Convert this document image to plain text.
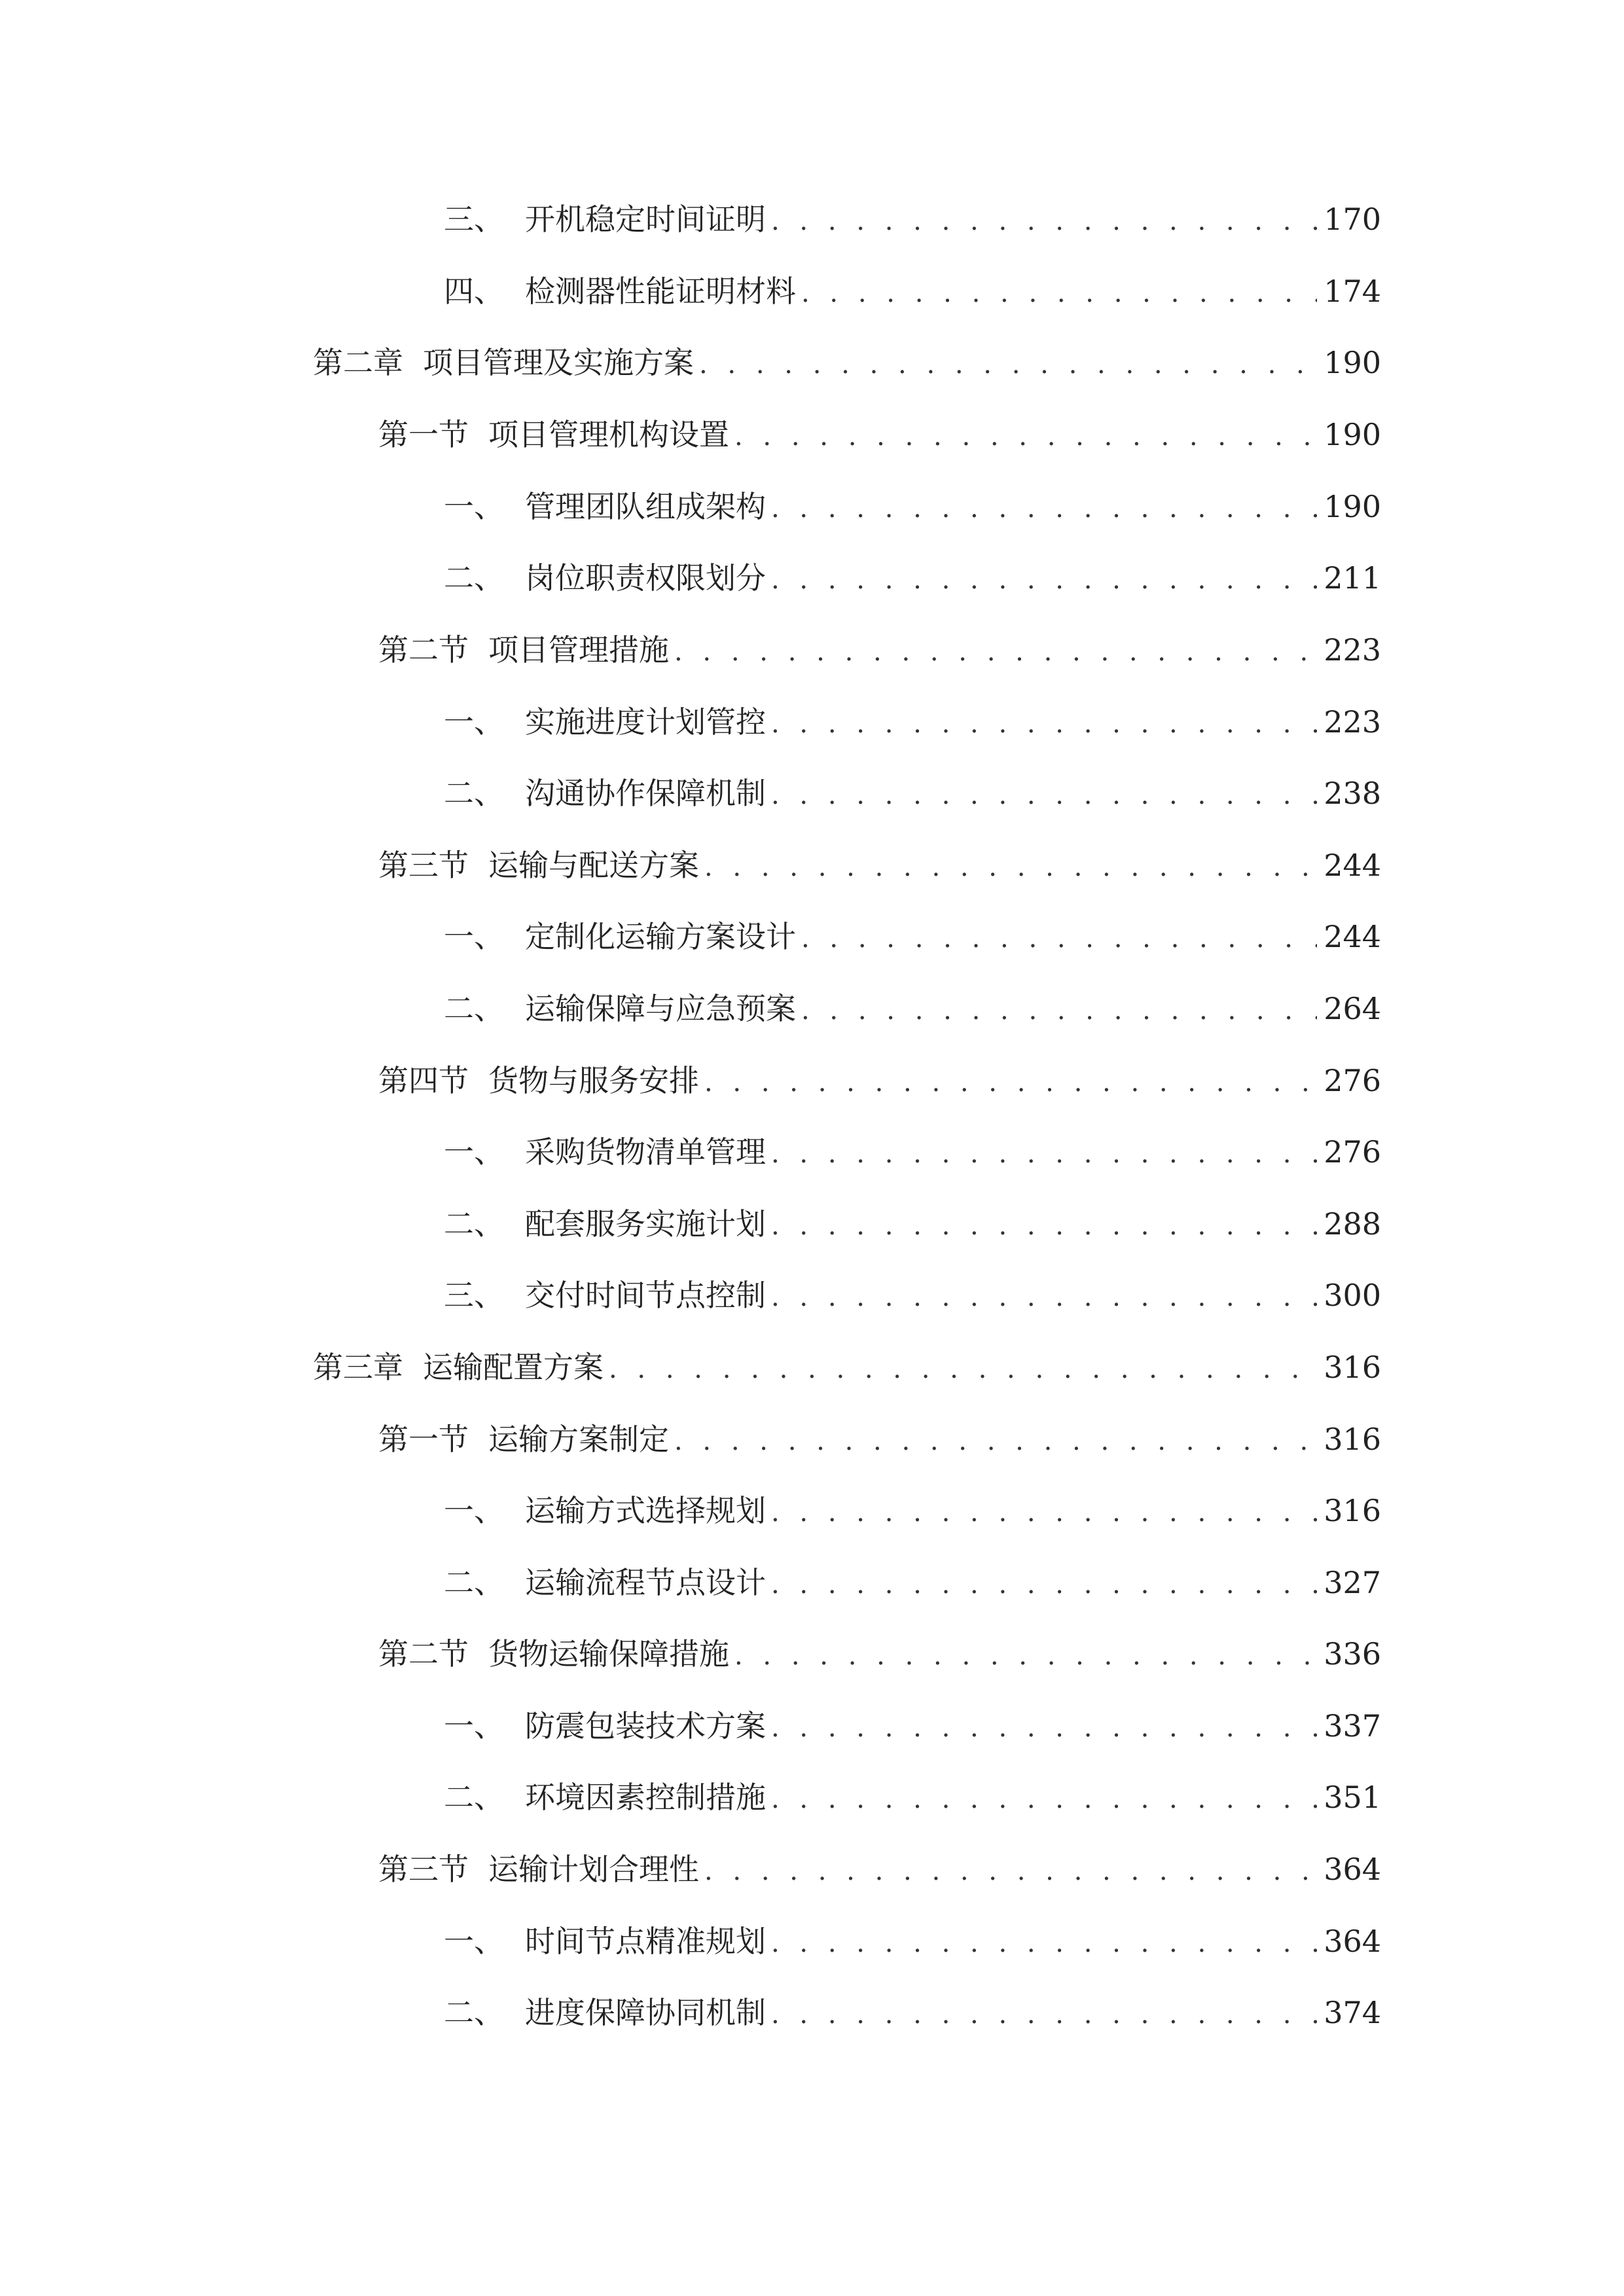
三、 开机稳定时间证明 . . .	170
四、 检测器性能证明材料 . . .	174
第二章 项目管理及实施方案 . . .	190
第一节 项目管理机构设置 . . .	190
一、 管理团队组成架构 . . .	190
二、 岗位职责权限划分 . . .	211
第二节 项目管理措施 . . .	223
一、 实施进度计划管控 . . .	223
二、 沟通协作保障机制 . . .	238
第三节 运输与配送方案 . . .	244
一、 定制化运输方案设计 . . .	244
二、 运输保障与应急预案 . . .	264
第四节 货物与服务安排 . . .	276
一、 采购货物清单管理 . . .	276
二、 配套服务实施计划 . . .	288
三、 交付时间节点控制 . . .	300
第三章 运输配置方案 . . .	316
第一节 运输方案制定 . . .	316
一、 运输方式选择规划 . . .	316
二、 运输流程节点设计 . . .	327
第二节 货物运输保障措施 . . .	336
一、 防震包装技术方案 . . .	337
二、 环境因素控制措施 . . .	351
第三节 运输计划合理性 . . .	364
一、 时间节点精准规划 . . .	364
二、 进度保障协同机制 . . .	374
